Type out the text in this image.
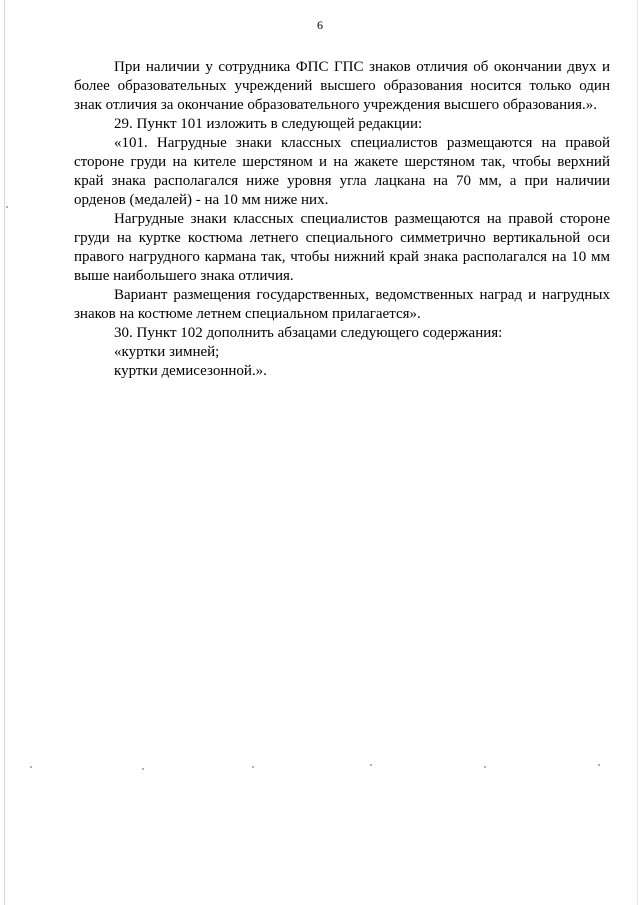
6

При наличии у сотрудника ФПС ГПС знаков отличия об окончании двух и более образовательных учреждений высшего образования носится только один знак отличия за окончание образовательного учреждения высшего образования.».

29. Пункт 101 изложить в следующей редакции:

«101. Нагрудные знаки классных специалистов размещаются на правой стороне груди на кителе шерстяном и на жакете шерстяном так, чтобы верхний край знака располагался ниже уровня угла лацкана на 70 мм, а при наличии орденов (медалей) - на 10 мм ниже них.

Нагрудные знаки классных специалистов размещаются на правой стороне груди на куртке костюма летнего специального симметрично вертикальной оси правого нагрудного кармана так, чтобы нижний край знака располагался на 10 мм выше наибольшего знака отличия.

Вариант размещения государственных, ведомственных наград и нагрудных знаков на костюме летнем специальном прилагается».

30. Пункт 102 дополнить абзацами следующего содержания:

«куртки зимней;

куртки демисезонной.».
